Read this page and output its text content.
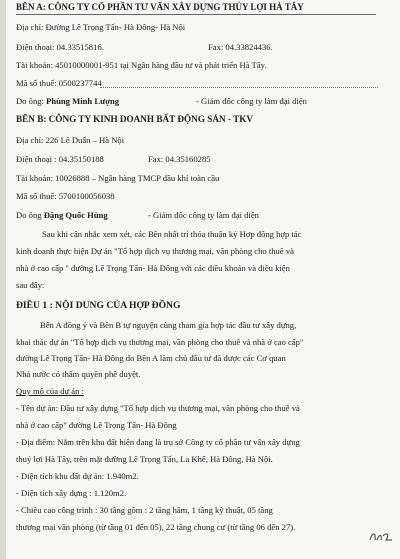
BÊN A: CÔNG TY CỔ PHẦN TƯ VẤN XÂY DỰNG THỦY LỢI HÀ TÂY
Địa chỉ: Đường Lê Trọng Tấn- Hà Đông- Hà Nội
Điện thoại: 04.33515816.	Fax: 04.33824436.
Tài khoản: 45010000001-951 tại Ngân hàng đầu tư và phát triển Hà Tây.
Mã số thuế: 0500237744
Do ông: Phùng Minh Lượng	- Giám đốc công ty làm đại diện
BÊN B: CÔNG TY KINH DOANH BẤT ĐỘNG SẢN - TKV
Địa chỉ: 226 Lê Duẩn – Hà Nội
Điện thoại : 04.35150188	Fax: 04.35160285
Tài khoản: 10026888 – Ngân hàng TMCP dầu khí toàn cầu
Mã số thuế: 5700100056038
Do ông Đặng Quốc Hùng	- Giám đốc công ty làm đại diện
Sau khi cân nhắc xem xét, các Bên nhất trí thỏa thuận ký Hợp đồng hợp tác
kinh doanh thực hiện Dự án "Tổ hợp dịch vụ thương mại, văn phòng cho thuê và
nhà ở cao cấp " đường Lê Trọng Tấn- Hà Đông với các điều khoản và điều kiện
sau đây:
ĐIỀU 1 : NỘI DUNG CỦA HỢP ĐỒNG
Bên A đồng ý và Bên B tự nguyện cùng tham gia hợp tác đầu tư xây dựng,
khai thác dự án "Tổ hợp dịch vụ thương mại, văn phòng cho thuê và nhà ở cao cấp"
đường Lê Trọng Tấn- Hà Đông do Bên A làm chủ đầu tư đã được các Cơ quan
Nhà nước có thẩm quyền phê duyệt.
Quy mô của dự án :
- Tên dự án: Đầu tư xây dựng "Tổ hợp dịch vụ thương mại, văn phòng cho thuê và
nhà ở cao cấp" đường Lê Trọng Tấn- Hà Đông
- Địa điểm: Nằm trên khu đất hiện đang là trụ sở Công ty cổ phần tư vấn xây dựng
thuỷ lợi Hà Tây, trên mặt đường Lê Trọng Tấn, La Khê, Hà Đông, Hà Nội.
- Diện tích khu đất dự án: 1.940m2.
- Diện tích xây dựng : 1.120m2.
- Chiều cao công trình : 30 tầng gồm : 2 tầng hầm, 1 tầng kỹ thuật, 05 tầng
thương mại văn phòng (từ tầng 01 đến 05), 22 tầng chung cư (từ tầng 06 đến 27).
